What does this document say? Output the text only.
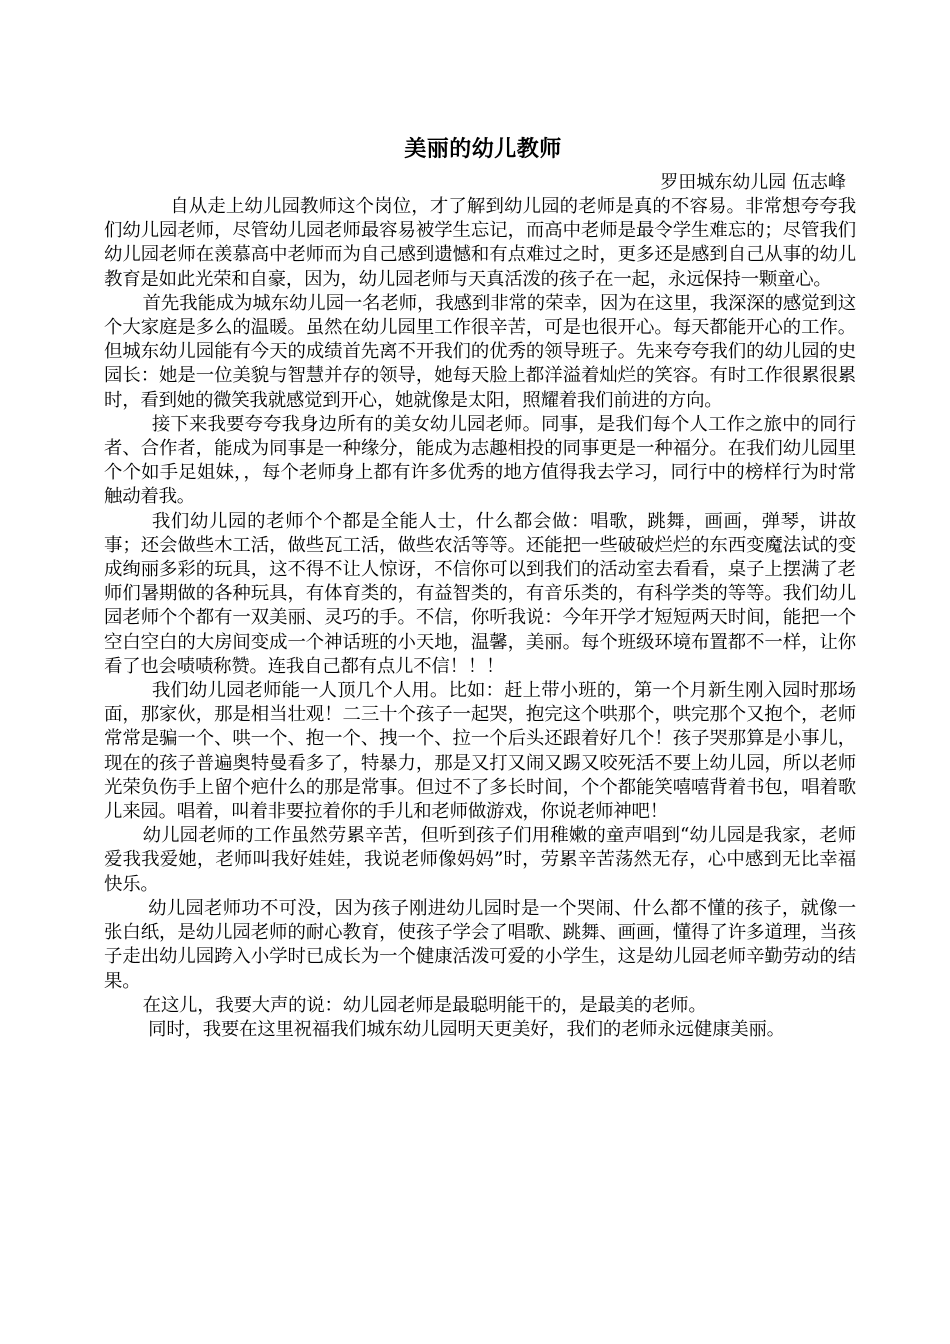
美丽的幼儿教师
罗田城东幼儿园 伍志峰

自从走上幼儿园教师这个岗位，才了解到幼儿园的老师是真的不容易。非常想夸夸我们幼儿园老师，尽管幼儿园老师最容易被学生忘记，而高中老师是最令学生难忘的；尽管我们幼儿园老师在羡慕高中老师而为自己感到遗憾和有点难过之时，更多还是感到自己从事的幼儿教育是如此光荣和自豪，因为，幼儿园老师与天真活泼的孩子在一起，永远保持一颗童心。

首先我能成为城东幼儿园一名老师，我感到非常的荣幸，因为在这里，我深深的感觉到这个大家庭是多么的温暖。虽然在幼儿园里工作很辛苦，可是也很开心。每天都能开心的工作。但城东幼儿园能有今天的成绩首先离不开我们的优秀的领导班子。先来夸夸我们的幼儿园的史园长：她是一位美貌与智慧并存的领导，她每天脸上都洋溢着灿烂的笑容。有时工作很累很累时，看到她的微笑我就感觉到开心，她就像是太阳，照耀着我们前进的方向。

接下来我要夸夸我身边所有的美女幼儿园老师。同事，是我们每个人工作之旅中的同行者、合作者，能成为同事是一种缘分，能成为志趣相投的同事更是一种福分。在我们幼儿园里个个如手足姐妹，，每个老师身上都有许多优秀的地方值得我去学习，同行中的榜样行为时常触动着我。

我们幼儿园的老师个个都是全能人士，什么都会做：唱歌，跳舞，画画，弹琴，讲故事；还会做些木工活，做些瓦工活，做些农活等等。还能把一些破破烂烂的东西变魔法试的变成绚丽多彩的玩具，这不得不让人惊讶，不信你可以到我们的活动室去看看，桌子上摆满了老师们暑期做的各种玩具，有体育类的，有益智类的，有音乐类的，有科学类的等等。我们幼儿园老师个个都有一双美丽、灵巧的手。不信，你听我说：今年开学才短短两天时间，能把一个空白空白的大房间变成一个神话班的小天地，温馨，美丽。每个班级环境布置都不一样，让你看了也会啧啧称赞。连我自己都有点儿不信！！！

我们幼儿园老师能一人顶几个人用。比如：赶上带小班的，第一个月新生刚入园时那场面，那家伙，那是相当壮观！二三十个孩子一起哭，抱完这个哄那个，哄完那个又抱个，老师常常是骗一个、哄一个、抱一个、拽一个、拉一个后头还跟着好几个！孩子哭那算是小事儿，现在的孩子普遍奥特曼看多了，特暴力，那是又打又闹又踢又咬死活不要上幼儿园，所以老师光荣负伤手上留个疤什么的那是常事。但过不了多长时间，个个都能笑嘻嘻背着书包，唱着歌儿来园。唱着，叫着非要拉着你的手儿和老师做游戏，你说老师神吧！

幼儿园老师的工作虽然劳累辛苦，但听到孩子们用稚嫩的童声唱到“幼儿园是我家，老师爱我我爱她，老师叫我好娃娃，我说老师像妈妈”时，劳累辛苦荡然无存，心中感到无比幸福快乐。

幼儿园老师功不可没，因为孩子刚进幼儿园时是一个哭闹、什么都不懂的孩子，就像一张白纸，是幼儿园老师的耐心教育，使孩子学会了唱歌、跳舞、画画，懂得了许多道理，当孩子走出幼儿园跨入小学时已成长为一个健康活泼可爱的小学生，这是幼儿园老师辛勤劳动的结果。

在这儿，我要大声的说：幼儿园老师是最聪明能干的，是最美的老师。

同时，我要在这里祝福我们城东幼儿园明天更美好，我们的老师永远健康美丽。
